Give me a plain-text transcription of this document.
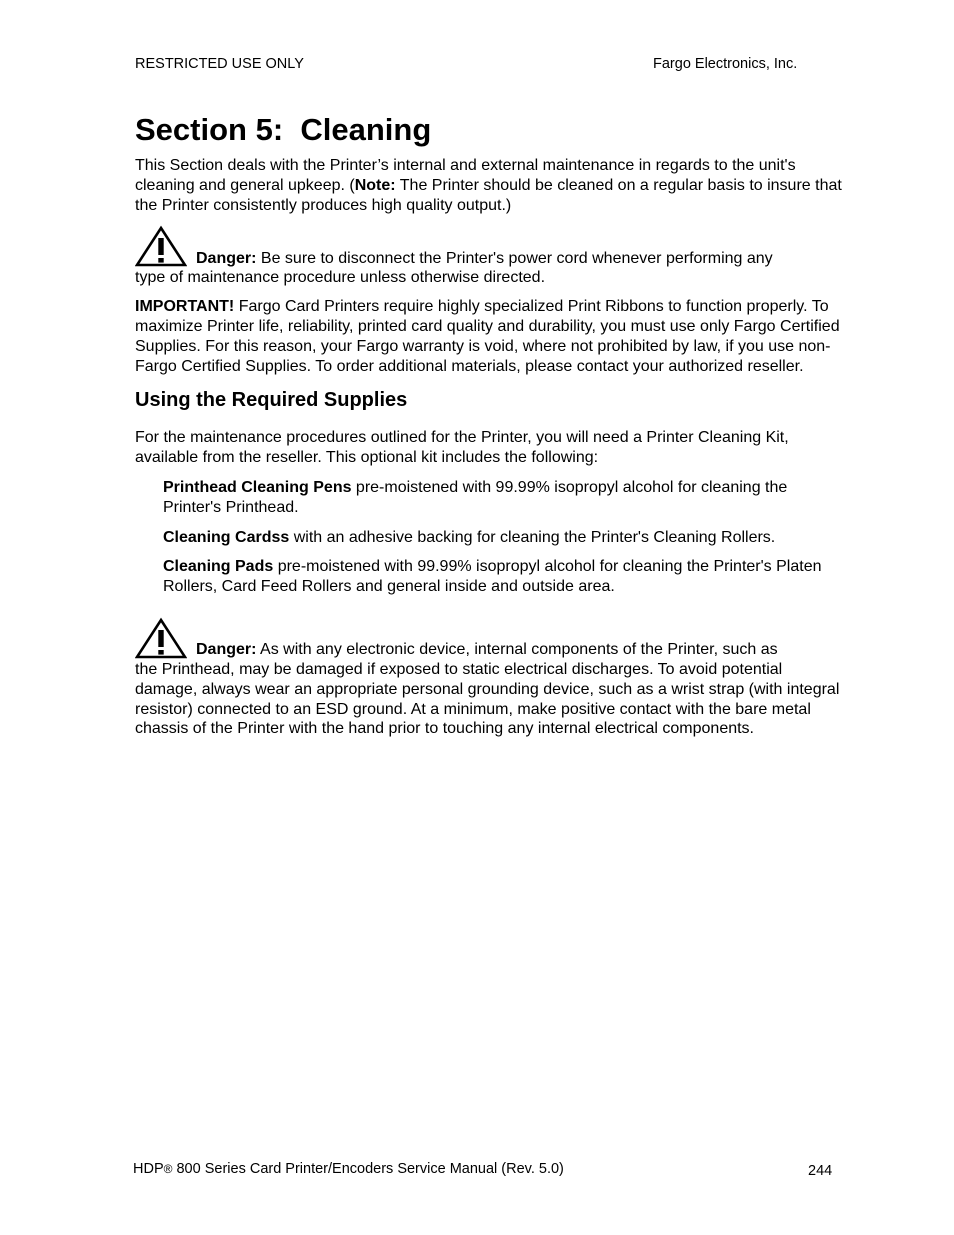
RESTRICTED USE ONLY	Fargo Electronics, Inc.
Section 5:  Cleaning

This Section deals with the Printer’s internal and external maintenance in regards to the unit's cleaning and general upkeep. (Note: The Printer should be cleaned on a regular basis to insure that the Printer consistently produces high quality output.)

Danger: Be sure to disconnect the Printer's power cord whenever performing any

type of maintenance procedure unless otherwise directed.

IMPORTANT! Fargo Card Printers require highly specialized Print Ribbons to function properly. To maximize Printer life, reliability, printed card quality and durability, you must use only Fargo Certified Supplies. For this reason, your Fargo warranty is void, where not prohibited by law, if you use non-Fargo Certified Supplies. To order additional materials, please contact your authorized reseller.

Using the Required Supplies

For the maintenance procedures outlined for the Printer, you will need a Printer Cleaning Kit, available from the reseller. This optional kit includes the following:

Printhead Cleaning Pens pre-moistened with 99.99% isopropyl alcohol for cleaning the Printer's Printhead.

Cleaning Cardss with an adhesive backing for cleaning the Printer's Cleaning Rollers.

Cleaning Pads pre-moistened with 99.99% isopropyl alcohol for cleaning the Printer's Platen Rollers, Card Feed Rollers and general inside and outside area.

Danger: As with any electronic device, internal components of the Printer, such as

the Printhead, may be damaged if exposed to static electrical discharges. To avoid potential damage, always wear an appropriate personal grounding device, such as a wrist strap (with integral resistor) connected to an ESD ground. At a minimum, make positive contact with the bare metal chassis of the Printer with the hand prior to touching any internal electrical components.

HDP® 800 Series Card Printer/Encoders Service Manual (Rev. 5.0)	244
